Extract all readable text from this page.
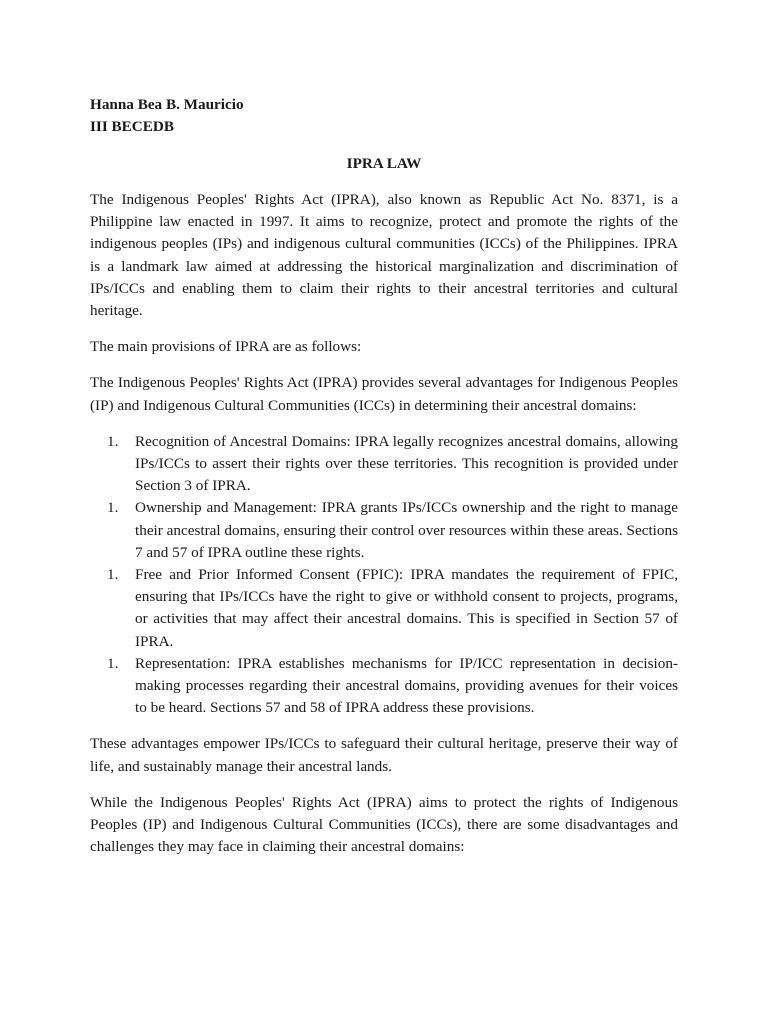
Hanna Bea B. Mauricio
III BECEDB
IPRA LAW

The Indigenous Peoples' Rights Act (IPRA), also known as Republic Act No. 8371, is a Philippine law enacted in 1997. It aims to recognize, protect and promote the rights of the indigenous peoples (IPs) and indigenous cultural communities (ICCs) of the Philippines. IPRA is a landmark law aimed at addressing the historical marginalization and discrimination of IPs/ICCs and enabling them to claim their rights to their ancestral territories and cultural heritage.

The main provisions of IPRA are as follows:

The Indigenous Peoples' Rights Act (IPRA) provides several advantages for Indigenous Peoples (IP) and Indigenous Cultural Communities (ICCs) in determining their ancestral domains:

1. Recognition of Ancestral Domains: IPRA legally recognizes ancestral domains, allowing IPs/ICCs to assert their rights over these territories. This recognition is provided under Section 3 of IPRA.
1. Ownership and Management: IPRA grants IPs/ICCs ownership and the right to manage their ancestral domains, ensuring their control over resources within these areas. Sections 7 and 57 of IPRA outline these rights.
1. Free and Prior Informed Consent (FPIC): IPRA mandates the requirement of FPIC, ensuring that IPs/ICCs have the right to give or withhold consent to projects, programs, or activities that may affect their ancestral domains. This is specified in Section 57 of IPRA.
1. Representation: IPRA establishes mechanisms for IP/ICC representation in decision-making processes regarding their ancestral domains, providing avenues for their voices to be heard. Sections 57 and 58 of IPRA address these provisions.

These advantages empower IPs/ICCs to safeguard their cultural heritage, preserve their way of life, and sustainably manage their ancestral lands.

While the Indigenous Peoples' Rights Act (IPRA) aims to protect the rights of Indigenous Peoples (IP) and Indigenous Cultural Communities (ICCs), there are some disadvantages and challenges they may face in claiming their ancestral domains:
